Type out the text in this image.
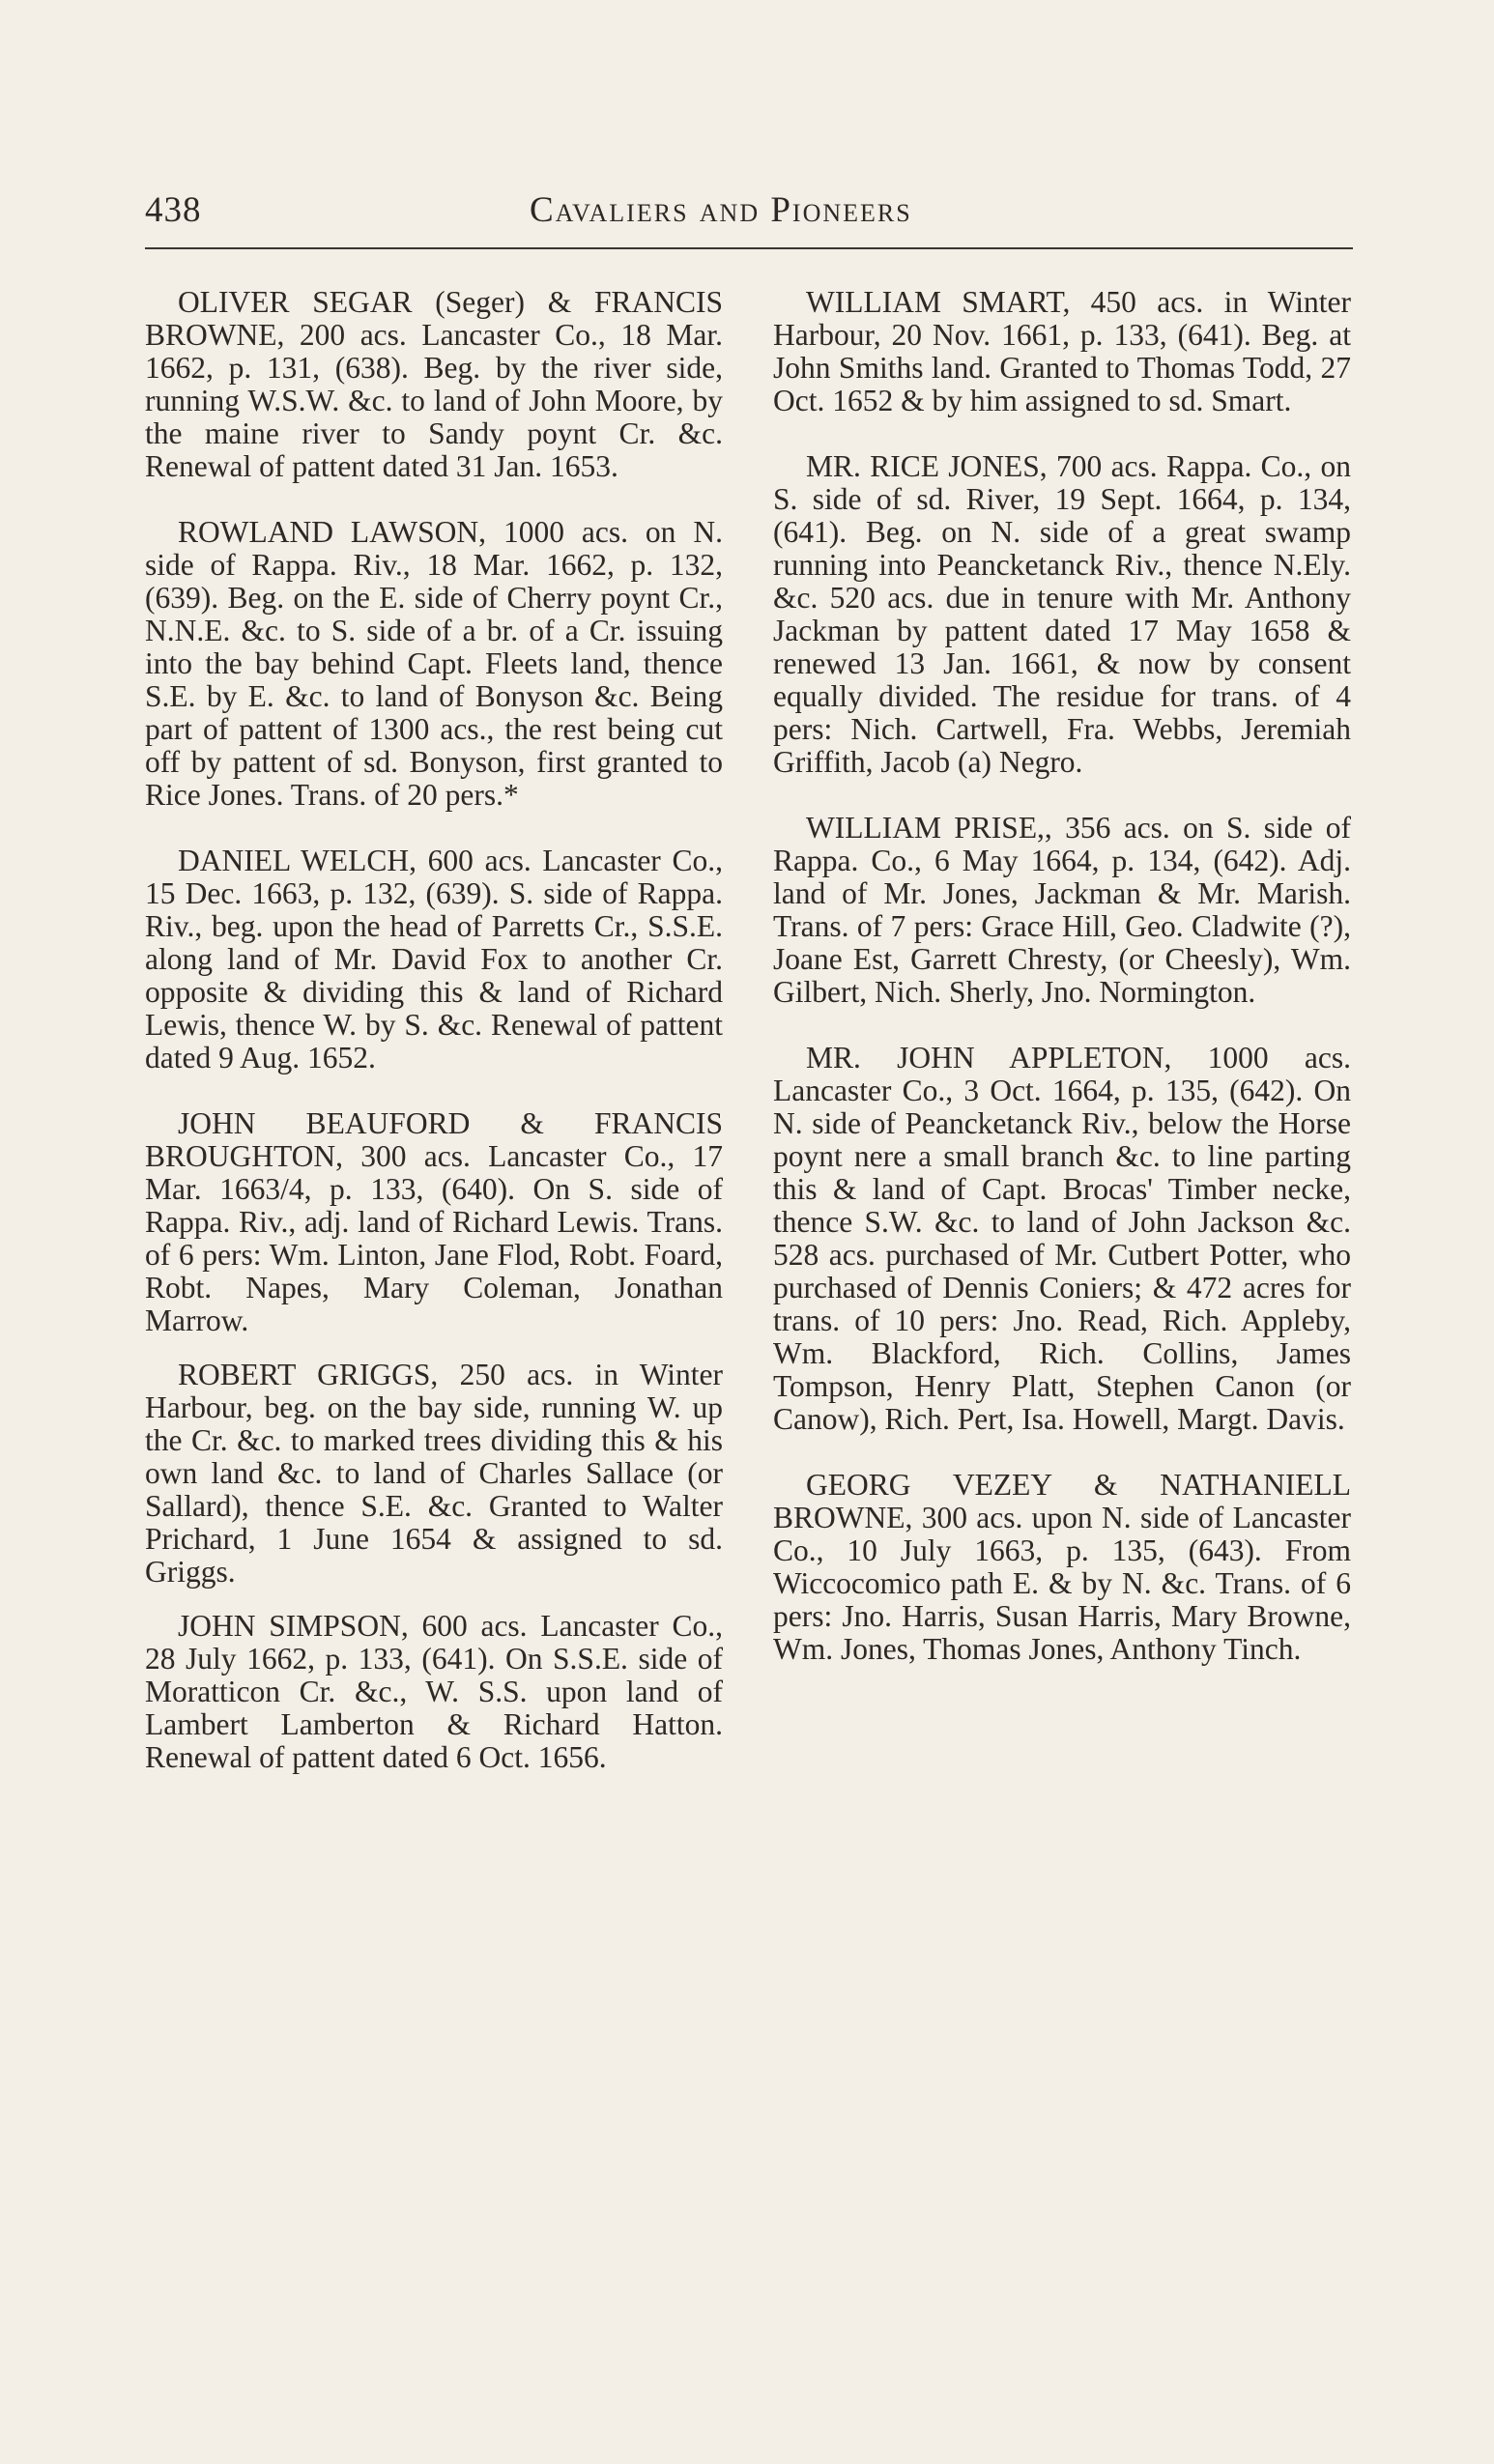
438	Cavaliers and Pioneers

OLIVER SEGAR (Seger) & FRANCIS BROWNE, 200 acs. Lancaster Co., 18 Mar. 1662, p. 131, (638). Beg. by the river side, running W.S.W. &c. to land of John Moore, by the maine river to Sandy poynt Cr. &c. Renewal of pattent dated 31 Jan. 1653.

ROWLAND LAWSON, 1000 acs. on N. side of Rappa. Riv., 18 Mar. 1662, p. 132, (639). Beg. on the E. side of Cherry poynt Cr., N.N.E. &c. to S. side of a br. of a Cr. issuing into the bay behind Capt. Fleets land, thence S.E. by E. &c. to land of Bonyson &c. Being part of pattent of 1300 acs., the rest being cut off by pattent of sd. Bonyson, first granted to Rice Jones. Trans. of 20 pers.*

DANIEL WELCH, 600 acs. Lancaster Co., 15 Dec. 1663, p. 132, (639). S. side of Rappa. Riv., beg. upon the head of Parretts Cr., S.S.E. along land of Mr. David Fox to another Cr. opposite & dividing this & land of Richard Lewis, thence W. by S. &c. Renewal of pattent dated 9 Aug. 1652.

JOHN BEAUFORD & FRANCIS BROUGHTON, 300 acs. Lancaster Co., 17 Mar. 1663/4, p. 133, (640). On S. side of Rappa. Riv., adj. land of Richard Lewis. Trans. of 6 pers: Wm. Linton, Jane Flod, Robt. Foard, Robt. Napes, Mary Coleman, Jonathan Marrow.

ROBERT GRIGGS, 250 acs. in Winter Harbour, beg. on the bay side, running W. up the Cr. &c. to marked trees dividing this & his own land &c. to land of Charles Sallace (or Sallard), thence S.E. &c. Granted to Walter Prichard, 1 June 1654 & assigned to sd. Griggs.

JOHN SIMPSON, 600 acs. Lancaster Co., 28 July 1662, p. 133, (641). On S.S.E. side of Moratticon Cr. &c., W. S.S. upon land of Lambert Lamberton & Richard Hatton. Renewal of pattent dated 6 Oct. 1656.

WILLIAM SMART, 450 acs. in Winter Harbour, 20 Nov. 1661, p. 133, (641). Beg. at John Smiths land. Granted to Thomas Todd, 27 Oct. 1652 & by him assigned to sd. Smart.

MR. RICE JONES, 700 acs. Rappa. Co., on S. side of sd. River, 19 Sept. 1664, p. 134, (641). Beg. on N. side of a great swamp running into Peancketanck Riv., thence N.Ely. &c. 520 acs. due in tenure with Mr. Anthony Jackman by pattent dated 17 May 1658 & renewed 13 Jan. 1661, & now by consent equally divided. The residue for trans. of 4 pers: Nich. Cartwell, Fra. Webbs, Jeremiah Griffith, Jacob (a) Negro.

WILLIAM PRISE,, 356 acs. on S. side of Rappa. Co., 6 May 1664, p. 134, (642). Adj. land of Mr. Jones, Jackman & Mr. Marish. Trans. of 7 pers: Grace Hill, Geo. Cladwite (?), Joane Est, Garrett Chresty, (or Cheesly), Wm. Gilbert, Nich. Sherly, Jno. Normington.

MR. JOHN APPLETON, 1000 acs. Lancaster Co., 3 Oct. 1664, p. 135, (642). On N. side of Peancketanck Riv., below the Horse poynt nere a small branch &c. to line parting this & land of Capt. Brocas' Timber necke, thence S.W. &c. to land of John Jackson &c. 528 acs. purchased of Mr. Cutbert Potter, who purchased of Dennis Coniers; & 472 acres for trans. of 10 pers: Jno. Read, Rich. Appleby, Wm. Blackford, Rich. Collins, James Tompson, Henry Platt, Stephen Canon (or Canow), Rich. Pert, Isa. Howell, Margt. Davis.

GEORG VEZEY & NATHANIELL BROWNE, 300 acs. upon N. side of Lancaster Co., 10 July 1663, p. 135, (643). From Wiccocomico path E. & by N. &c. Trans. of 6 pers: Jno. Harris, Susan Harris, Mary Browne, Wm. Jones, Thomas Jones, Anthony Tinch.
